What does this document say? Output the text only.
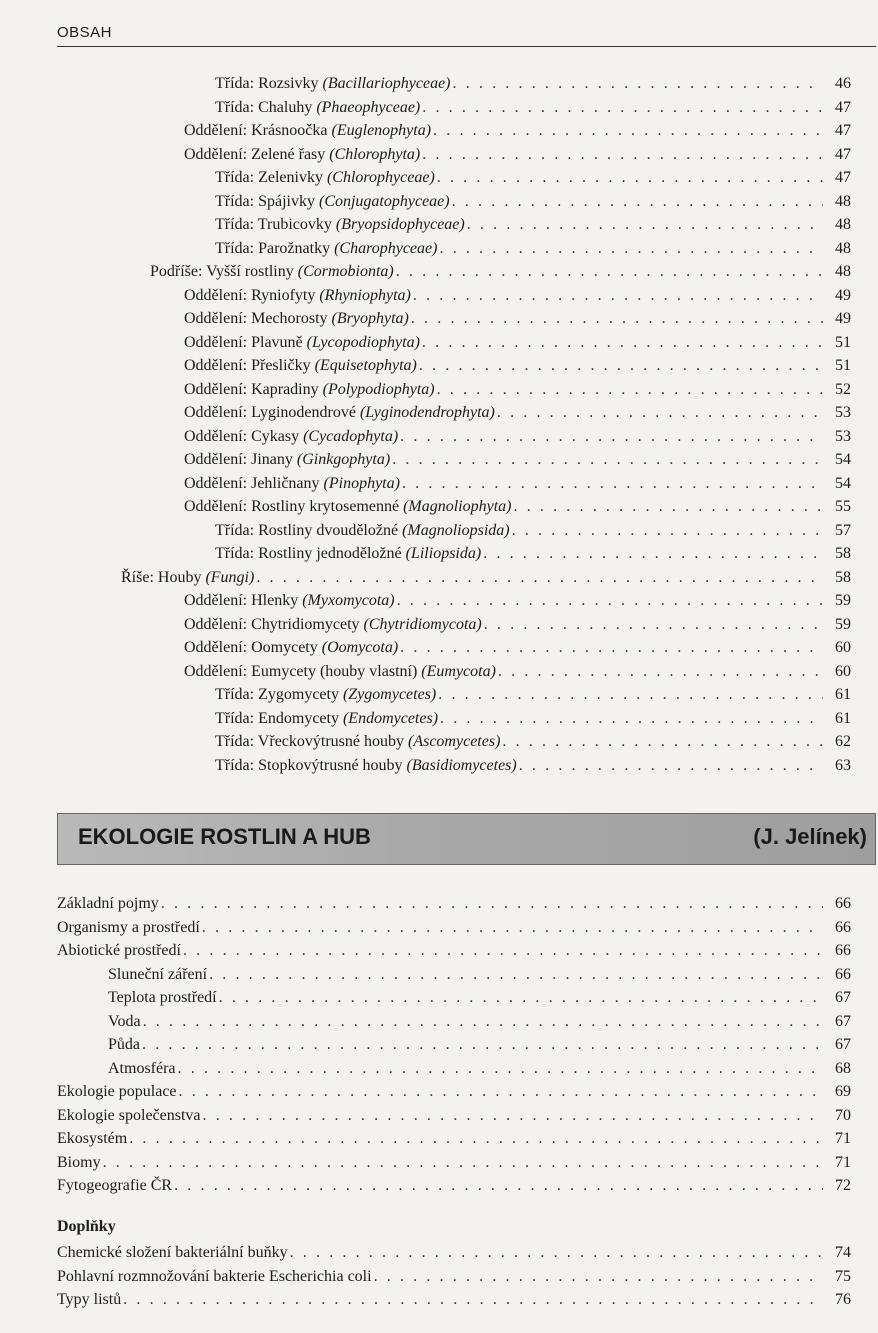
OBSAH
Třída: Rozsivky (Bacillariophyceae) . . .	46
Třída: Chaluhy (Phaeophyceae) . . .	47
Oddělení: Krásnoočka (Euglenophyta) . . .	47
Oddělení: Zelené řasy (Chlorophyta) . . .	47
Třída: Zelenivky (Chlorophyceae) . . .	47
Třída: Spájivky (Conjugatophyceae) . . .	48
Třída: Trubicovky (Bryopsidophyceae) . . .	48
Třída: Parožnatky (Charophyceae) . . .	48
Podříše: Vyšší rostliny (Cormobionta) . . .	48
Oddělení: Ryniofyty (Rhyniophyta) . . .	49
Oddělení: Mechorosty (Bryophyta) . . .	49
Oddělení: Plavuně (Lycopodiophyta) . . .	51
Oddělení: Přesličky (Equisetophyta) . . .	51
Oddělení: Kapradiny (Polypodiophyta) . . .	52
Oddělení: Lyginodendrové (Lyginodendrophyta) . . .	53
Oddělení: Cykasy (Cycadophyta) . . .	53
Oddělení: Jinany (Ginkgophyta) . . .	54
Oddělení: Jehličnany (Pinophyta) . . .	54
Oddělení: Rostliny krytosemenné (Magnoliophyta) . . .	55
Třída: Rostliny dvouděložné (Magnoliopsida) . . .	57
Třída: Rostliny jednoděložné (Liliopsida) . . .	58
Říše: Houby (Fungi) . . .	58
Oddělení: Hlenky (Myxomycota) . . .	59
Oddělení: Chytridiomycety (Chytridiomycota) . . .	59
Oddělení: Oomycety (Oomycota) . . .	60
Oddělení: Eumycety (houby vlastní) (Eumycota) . . .	60
Třída: Zygomycety (Zygomycetes) . . .	61
Třída: Endomycety (Endomycetes) . . .	61
Třída: Vřeckovýtrusné houby (Ascomycetes) . . .	62
Třída: Stopkovýtrusné houby (Basidiomycetes) . . .	63
EKOLOGIE ROSTLIN A HUB	(J. Jelínek)
Základní pojmy . . .	66
Organismy a prostředí . . .	66
Abiotické prostředí . . .	66
Sluneční záření . . .	66
Teplota prostředí . . .	67
Voda . . .	67
Půda . . .	67
Atmosféra . . .	68
Ekologie populace . . .	69
Ekologie společenstva . . .	70
Ekosystém . . .	71
Biomy . . .	71
Fytogeografie ČR . . .	72
Doplňky
Chemické složení bakteriální buňky . . .	74
Pohlavní rozmnožování bakterie Escherichia coli . . .	75
Typy listů . . .	76
